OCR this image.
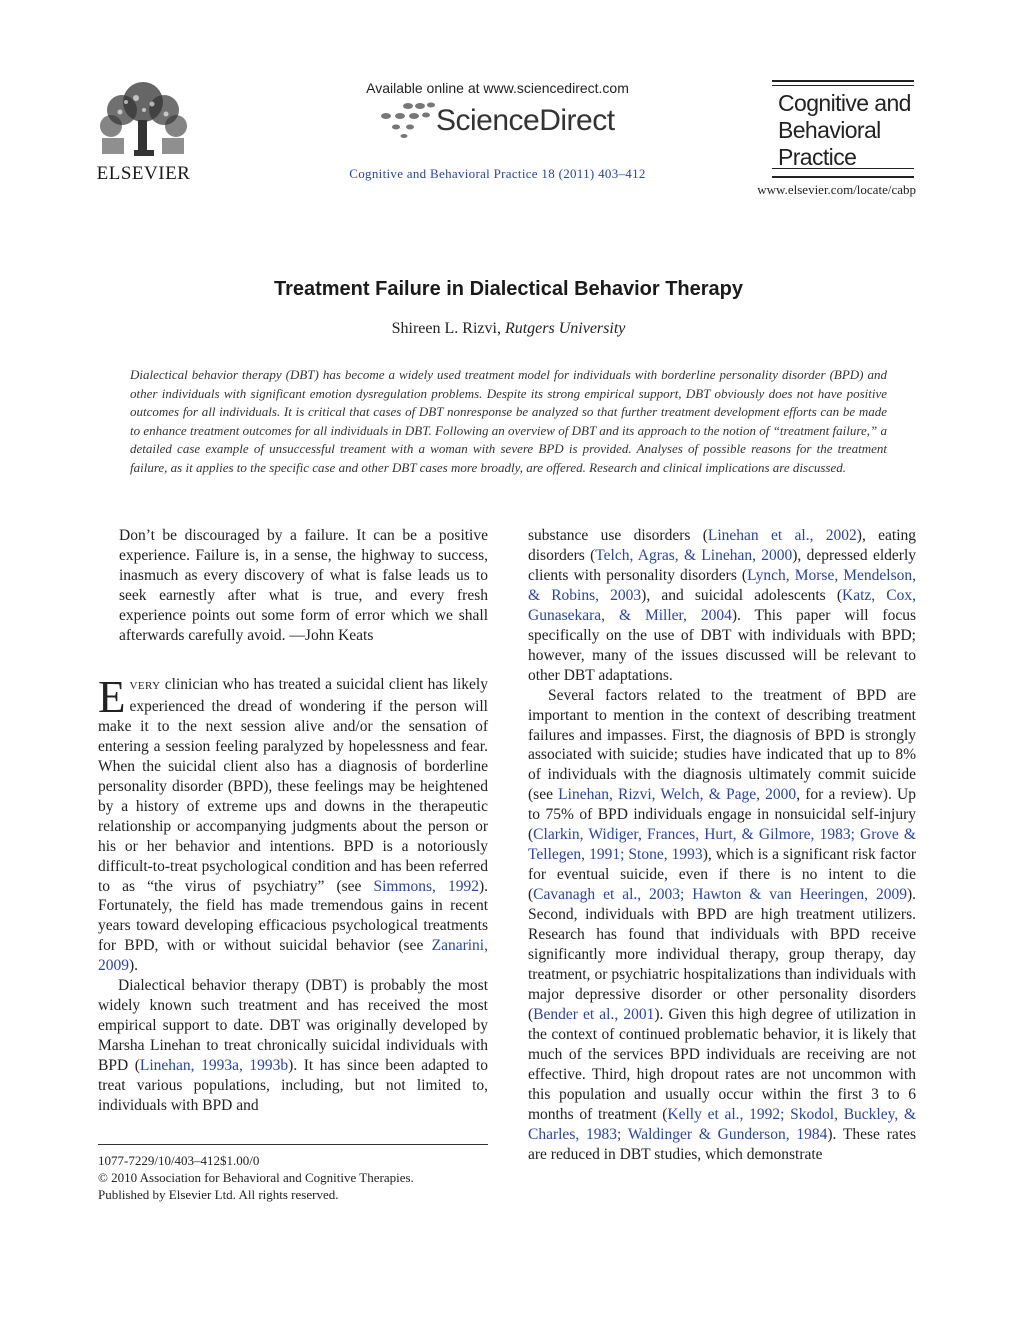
ELSEVIER
Available online at www.sciencedirect.com
ScienceDirect
Cognitive and Behavioral Practice 18 (2011) 403–412
Cognitive and
Behavioral
Practice
www.elsevier.com/locate/cabp
Treatment Failure in Dialectical Behavior Therapy
Shireen L. Rizvi, Rutgers University
Dialectical behavior therapy (DBT) has become a widely used treatment model for individuals with borderline personality disorder (BPD) and other individuals with significant emotion dysregulation problems. Despite its strong empirical support, DBT obviously does not have positive outcomes for all individuals. It is critical that cases of DBT nonresponse be analyzed so that further treatment development efforts can be made to enhance treatment outcomes for all individuals in DBT. Following an overview of DBT and its approach to the notion of “treatment failure,” a detailed case example of unsuccessful treament with a woman with severe BPD is provided. Analyses of possible reasons for the treatment failure, as it applies to the specific case and other DBT cases more broadly, are offered. Research and clinical implications are discussed.
Don’t be discouraged by a failure. It can be a positive experience. Failure is, in a sense, the highway to success, inasmuch as every discovery of what is false leads us to seek earnestly after what is true, and every fresh experience points out some form of error which we shall afterwards carefully avoid. —John Keats

EVERY clinician who has treated a suicidal client has likely experienced the dread of wondering if the person will make it to the next session alive and/or the sensation of entering a session feeling paralyzed by hopelessness and fear. When the suicidal client also has a diagnosis of borderline personality disorder (BPD), these feelings may be heightened by a history of extreme ups and downs in the therapeutic relationship or accompanying judgments about the person or his or her behavior and intentions. BPD is a notoriously difficult-to-treat psychological condition and has been referred to as “the virus of psychiatry” (see Simmons, 1992). Fortunately, the field has made tremendous gains in recent years toward developing efficacious psychological treatments for BPD, with or without suicidal behavior (see Zanarini, 2009).

Dialectical behavior therapy (DBT) is probably the most widely known such treatment and has received the most empirical support to date. DBT was originally developed by Marsha Linehan to treat chronically suicidal individuals with BPD (Linehan, 1993a, 1993b). It has since been adapted to treat various populations, including, but not limited to, individuals with BPD and

substance use disorders (Linehan et al., 2002), eating disorders (Telch, Agras, & Linehan, 2000), depressed elderly clients with personality disorders (Lynch, Morse, Mendelson, & Robins, 2003), and suicidal adolescents (Katz, Cox, Gunasekara, & Miller, 2004). This paper will focus specifically on the use of DBT with individuals with BPD; however, many of the issues discussed will be relevant to other DBT adaptations.

Several factors related to the treatment of BPD are important to mention in the context of describing treatment failures and impasses. First, the diagnosis of BPD is strongly associated with suicide; studies have indicated that up to 8% of individuals with the diagnosis ultimately commit suicide (see Linehan, Rizvi, Welch, & Page, 2000, for a review). Up to 75% of BPD individuals engage in nonsuicidal self-injury (Clarkin, Widiger, Frances, Hurt, & Gilmore, 1983; Grove & Tellegen, 1991; Stone, 1993), which is a significant risk factor for eventual suicide, even if there is no intent to die (Cavanagh et al., 2003; Hawton & van Heeringen, 2009). Second, individuals with BPD are high treatment utilizers. Research has found that individuals with BPD receive significantly more individual therapy, group therapy, day treatment, or psychiatric hospitalizations than individuals with major depressive disorder or other personality disorders (Bender et al., 2001). Given this high degree of utilization in the context of continued problematic behavior, it is likely that much of the services BPD individuals are receiving are not effective. Third, high dropout rates are not uncommon with this population and usually occur within the first 3 to 6 months of treatment (Kelly et al., 1992; Skodol, Buckley, & Charles, 1983; Waldinger & Gunderson, 1984). These rates are reduced in DBT studies, which demonstrate

1077-7229/10/403–412$1.00/0
© 2010 Association for Behavioral and Cognitive Therapies.
Published by Elsevier Ltd. All rights reserved.
